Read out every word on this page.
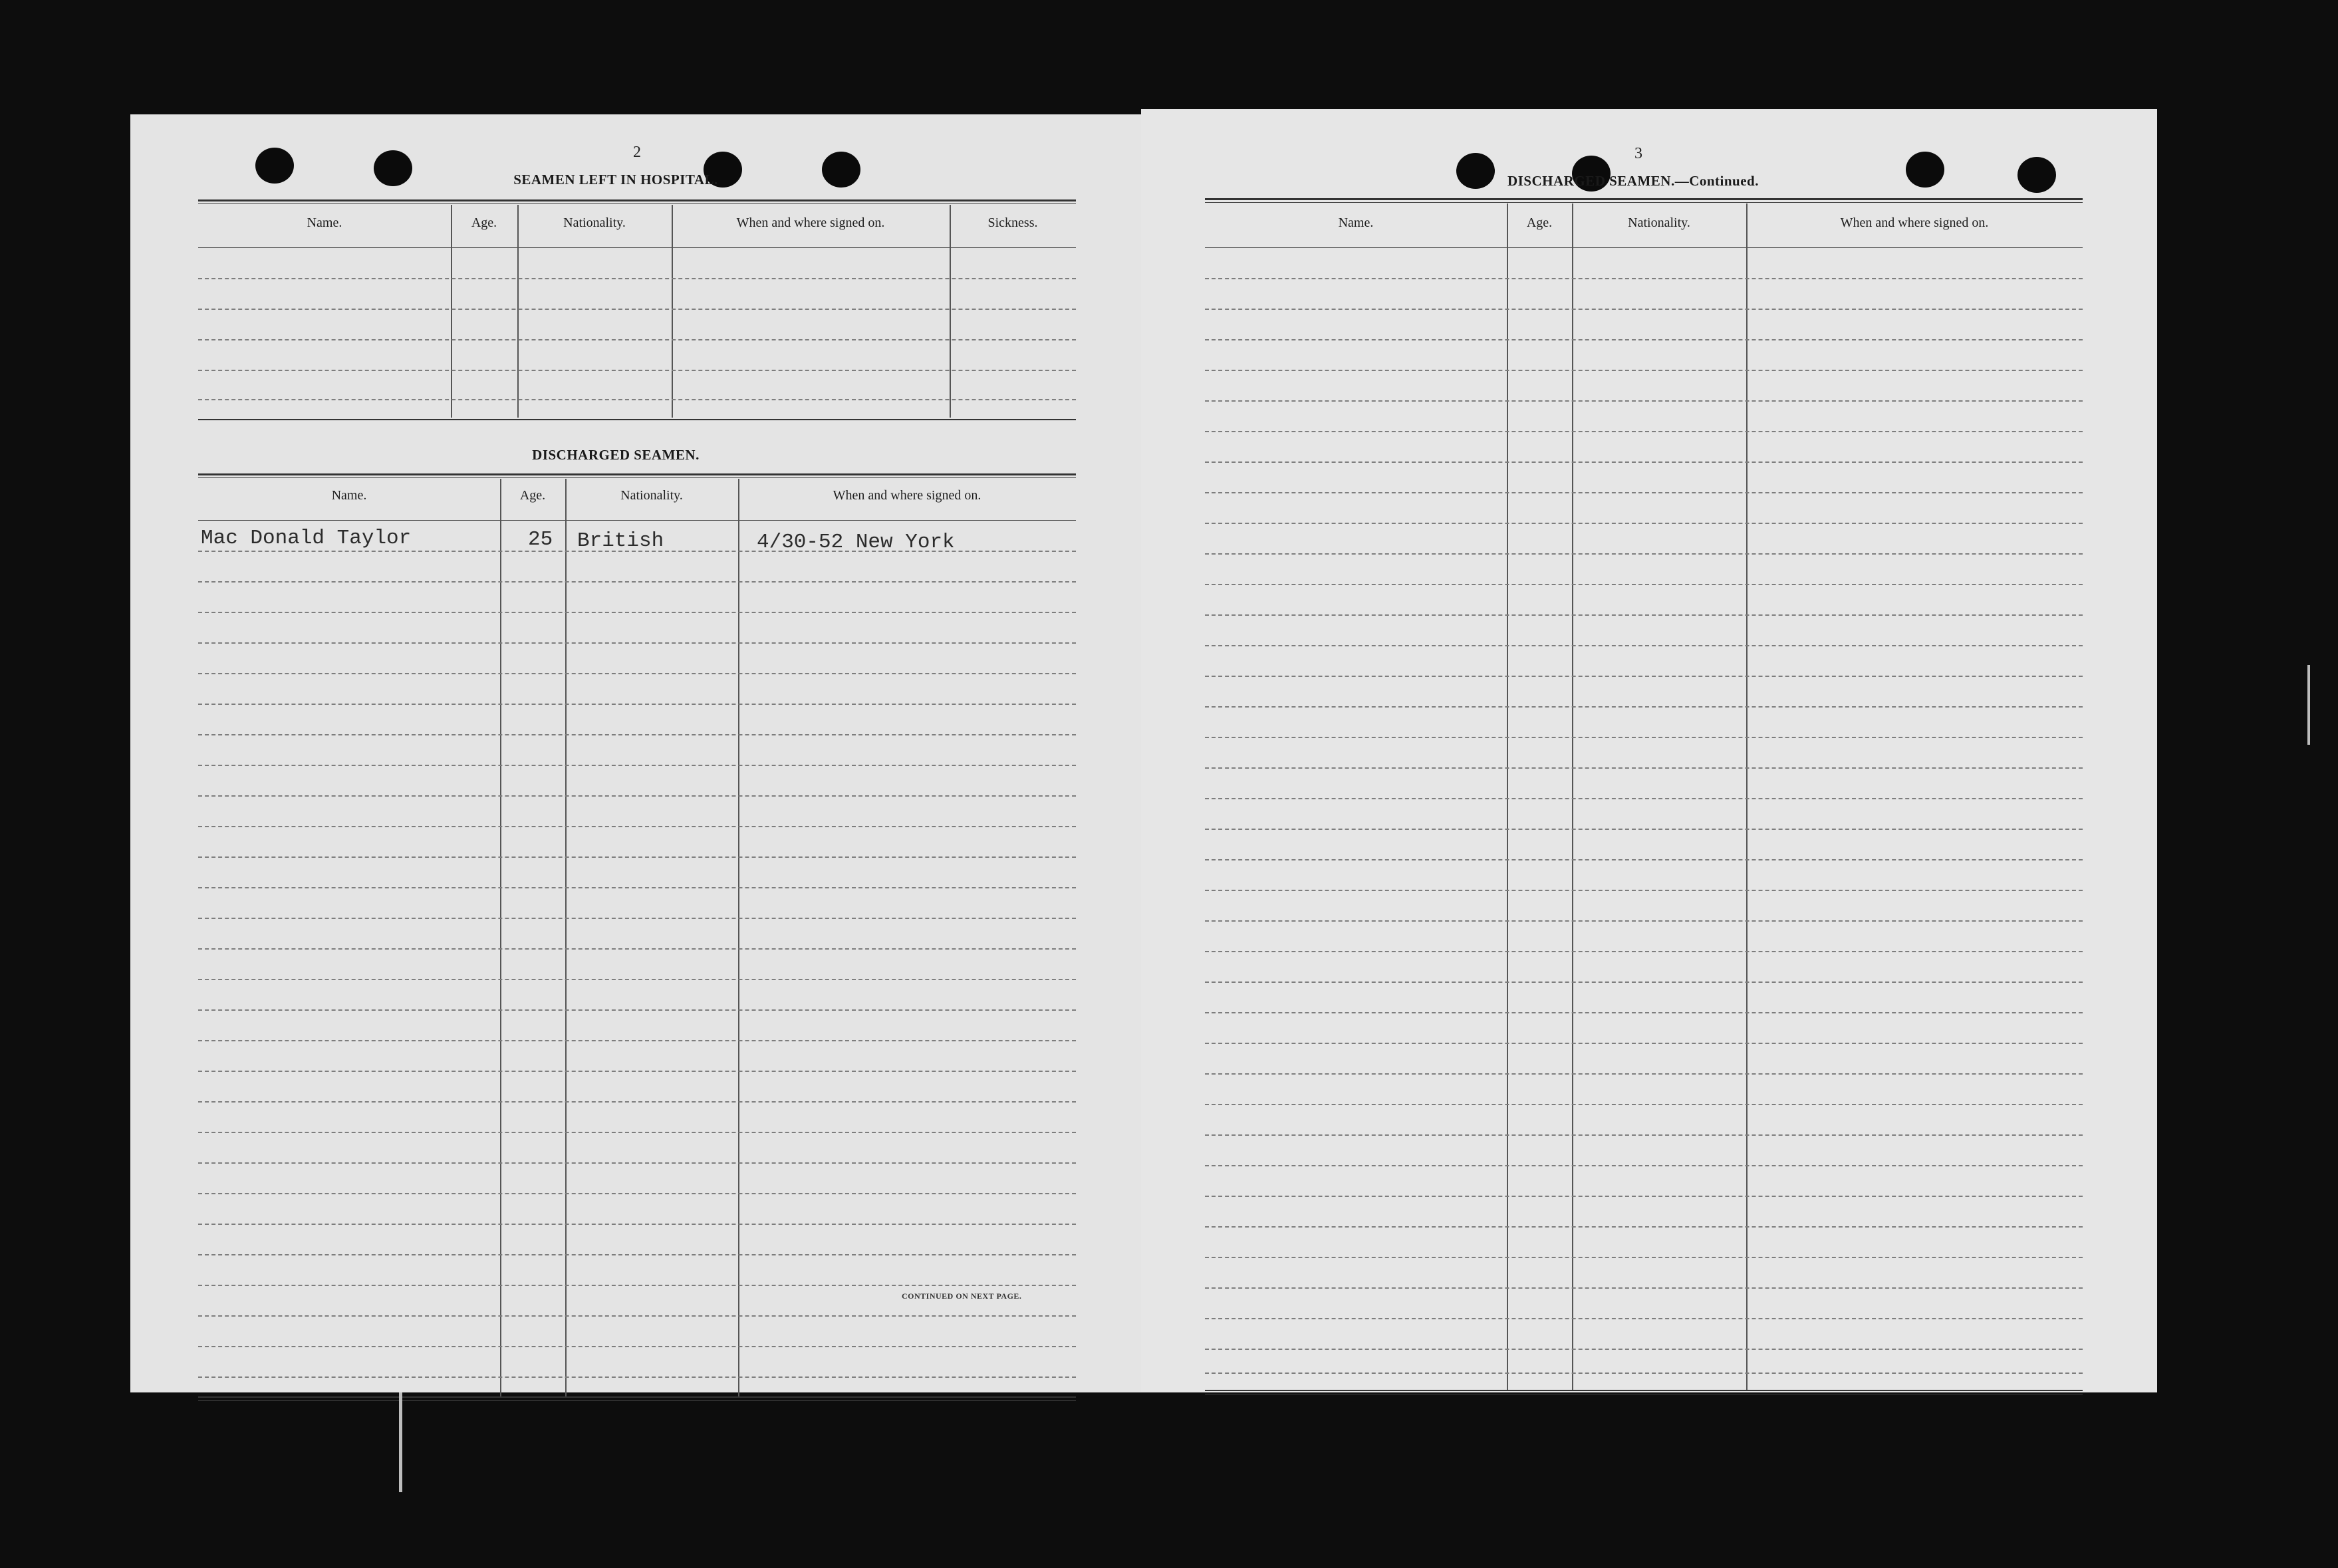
2
SEAMEN LEFT IN HOSPITAL.
Name.	Age.	Nationality.	When and where signed on.	Sickness.
DISCHARGED SEAMEN.
Name.	Age.	Nationality.	When and where signed on.
Mac Donald Taylor	25 British	4/30-52 New York
CONTINUED ON NEXT PAGE.
3
DISCHARGED SEAMEN.—Continued.
Name.	Age.	Nationality.	When and where signed on.
